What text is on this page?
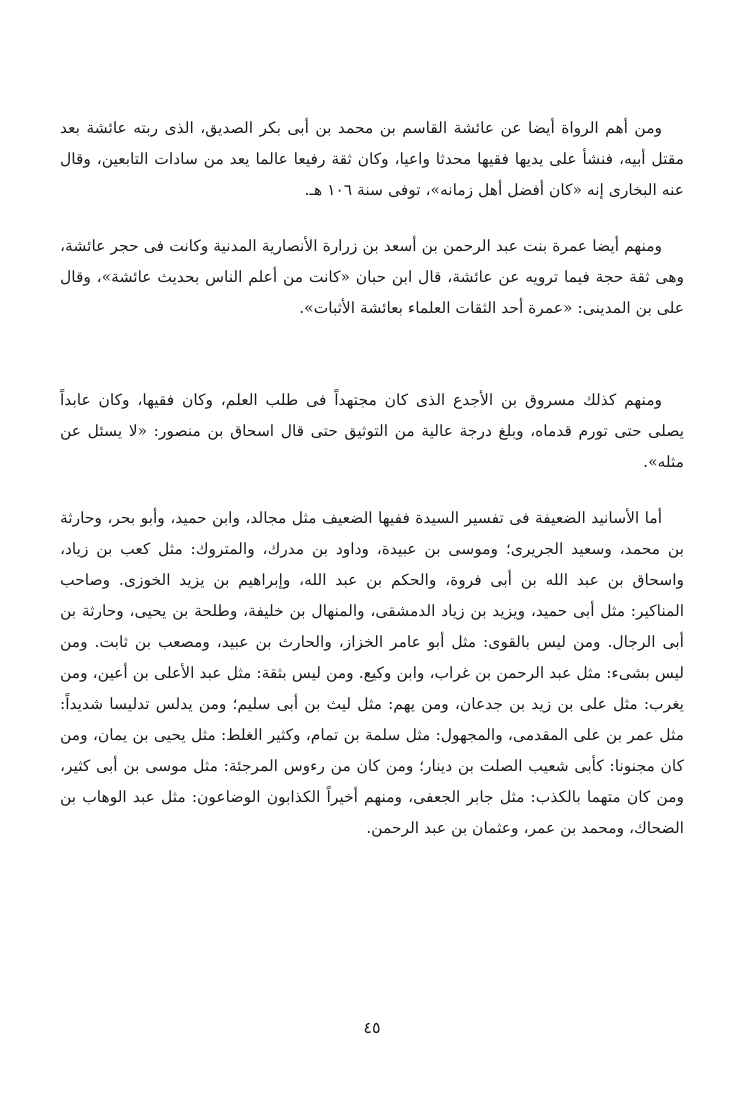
ومن أهم الرواة أيضا عن عائشة القاسم بن محمد بن أبى بكر الصديق، الذى ربته عائشة بعد مقتل أبيه، فنشأ على يديها فقيها محدثا واعيا، وكان ثقة رفيعا عالما يعد من سادات التابعين، وقال عنه البخارى إنه «كان أفضل أهل زمانه»، توفى سنة ١٠٦ هـ.

ومنهم أيضا عمرة بنت عبد الرحمن بن أسعد بن زرارة الأنصارية المدنية وكانت فى حجر عائشة، وهى ثقة حجة فيما ترويه عن عائشة، قال ابن حبان «كانت من أعلم الناس بحديث عائشة»، وقال على بن المدينى: «عمرة أحد الثقات العلماء بعائشة الأثبات».

ومنهم كذلك مسروق بن الأجدع الذى كان مجتهداً فى طلب العلم، وكان فقيها، وكان عابداً يصلى حتى تورم قدماه، وبلغ درجة عالية من التوثيق حتى قال اسحاق بن منصور: «لا يسئل عن مثله».

أما الأسانيد الضعيفة فى تفسير السيدة ففيها الضعيف مثل مجالد، وابن حميد، وأبو بحر، وحارثة بن محمد، وسعيد الجريرى؛ وموسى بن عبيدة، وداود بن مدرك، والمتروك: مثل كعب بن زياد، واسحاق بن عبد الله بن أبى فروة، والحكم بن عبد الله، وإبراهيم بن يزيد الخوزى. وصاحب المناكير: مثل أبى حميد، ويزيد بن زياد الدمشقى، والمنهال بن خليفة، وطلحة بن يحيى، وحارثة بن أبى الرجال. ومن ليس بالقوى: مثل أبو عامر الخزاز، والحارث بن عبيد، ومصعب بن ثابت. ومن ليس بشىء: مثل عبد الرحمن بن غراب، وابن وكيع. ومن ليس بثقة: مثل عبد الأعلى بن أعين، ومن يغرب: مثل على بن زيد بن جدعان، ومن يهم: مثل ليث بن أبى سليم؛ ومن يدلس تدليسا شديداً: مثل عمر بن على المقدمى، والمجهول: مثل سلمة بن تمام، وكثير الغلط: مثل يحيى بن يمان، ومن كان مجنونا: كأبى شعيب الصلت بن دينار؛ ومن كان من رءوس المرجئة: مثل موسى بن أبى كثير، ومن كان متهما بالكذب: مثل جابر الجعفى، ومنهم أخيراً الكذابون الوضاعون: مثل عبد الوهاب بن الضحاك، ومحمد بن عمر، وعثمان بن عبد الرحمن.

٤٥
